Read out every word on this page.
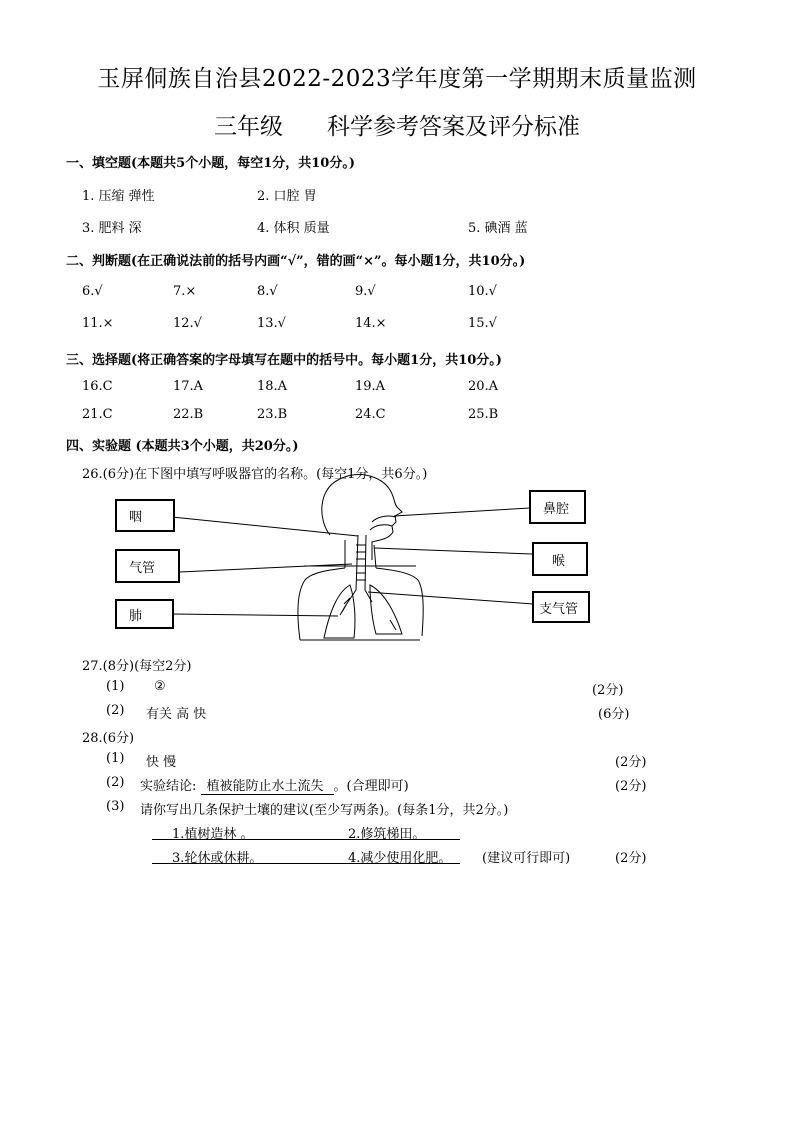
玉屏侗族自治县2022-2023学年度第一学期期末质量监测
三年级 科学参考答案及评分标准
一、填空题(本题共5个小题，每空1分，共10分。)
1. 压缩 弹性	2. 口腔 胃
3. 肥料 深	4. 体积 质量	5. 碘酒 蓝
二、判断题(在正确说法前的括号内画“√”，错的画“×”。每小题1分，共10分。)
6.√	7.×	8.√	9.√	10.√
11.×	12.√	13.√	14.×	15.√
三、选择题(将正确答案的字母填写在题中的括号中。每小题1分，共10分。)
16.C	17.A	18.A	19.A	20.A
21.C	22.B	23.B	24.C	25.B
四、实验题 (本题共3个小题，共20分。)
26.(6分)在下图中填写呼吸器官的名称。(每空1分，共6分。)
咽
气管
肺
鼻腔
喉
支气管
27.(8分)(每空2分)
(1) ②	(2分)
(2) 有关 高 快	(6分)
28.(6分)
(1) 快 慢	(2分)
(2) 实验结论: 植被能防止水土流失 。(合理即可)	(2分)
(3) 请你写出几条保护土壤的建议(至少写两条)。(每条1分，共2分。)
1.植树造林 。	2.修筑梯田。
3.轮休或休耕。	4.减少使用化肥。 (建议可行即可)	(2分)
